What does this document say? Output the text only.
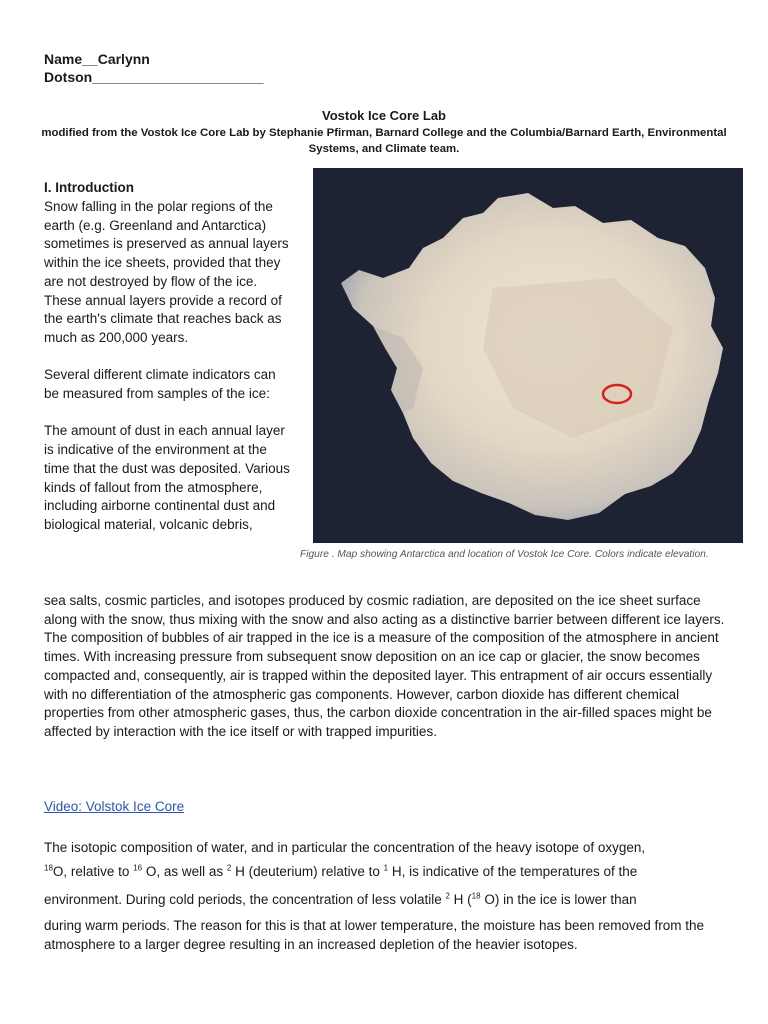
Name__Carlynn
Dotson______________________
Vostok Ice Core Lab
modified from the Vostok Ice Core Lab by Stephanie Pfirman, Barnard College and the Columbia/Barnard Earth, Environmental Systems, and Climate team.
I. Introduction

Snow falling in the polar regions of the earth (e.g. Greenland and Antarctica) sometimes is preserved as annual layers within the ice sheets, provided that they are not destroyed by flow of the ice. These annual layers provide a record of the earth's climate that reaches back as much as 200,000 years.

Several different climate indicators can be measured from samples of the ice:

The amount of dust in each annual layer is indicative of the environment at the time that the dust was deposited. Various kinds of fallout from the atmosphere, including airborne continental dust and biological material, volcanic debris,

Figure . Map showing Antarctica and location of Vostok Ice Core. Colors indicate elevation.

sea salts, cosmic particles, and isotopes produced by cosmic radiation, are deposited on the ice sheet surface along with the snow, thus mixing with the snow and also acting as a distinctive barrier between different ice layers.

The composition of bubbles of air trapped in the ice is a measure of the composition of the atmosphere in ancient times. With increasing pressure from subsequent snow deposition on an ice cap or glacier, the snow becomes compacted and, consequently, air is trapped within the deposited layer. This entrapment of air occurs essentially with no differentiation of the atmospheric gas components. However, carbon dioxide has different chemical properties from other atmospheric gases, thus, the carbon dioxide concentration in the air-filled spaces might be affected by interaction with the ice itself or with trapped impurities.

Video: Volstok Ice Core
The isotopic composition of water, and in particular the concentration of the heavy isotope of oxygen,
$^{18}$O, relative to $^{16}$ O, as well as $^2$ H (deuterium) relative to $^1$ H, is indicative of the temperatures of the
environment. During cold periods, the concentration of less volatile $^2$ H ($^{18}$ O) in the ice is lower than
during warm periods. The reason for this is that at lower temperature, the moisture has been removed from the atmosphere to a larger degree resulting in an increased depletion of the heavier isotopes.
